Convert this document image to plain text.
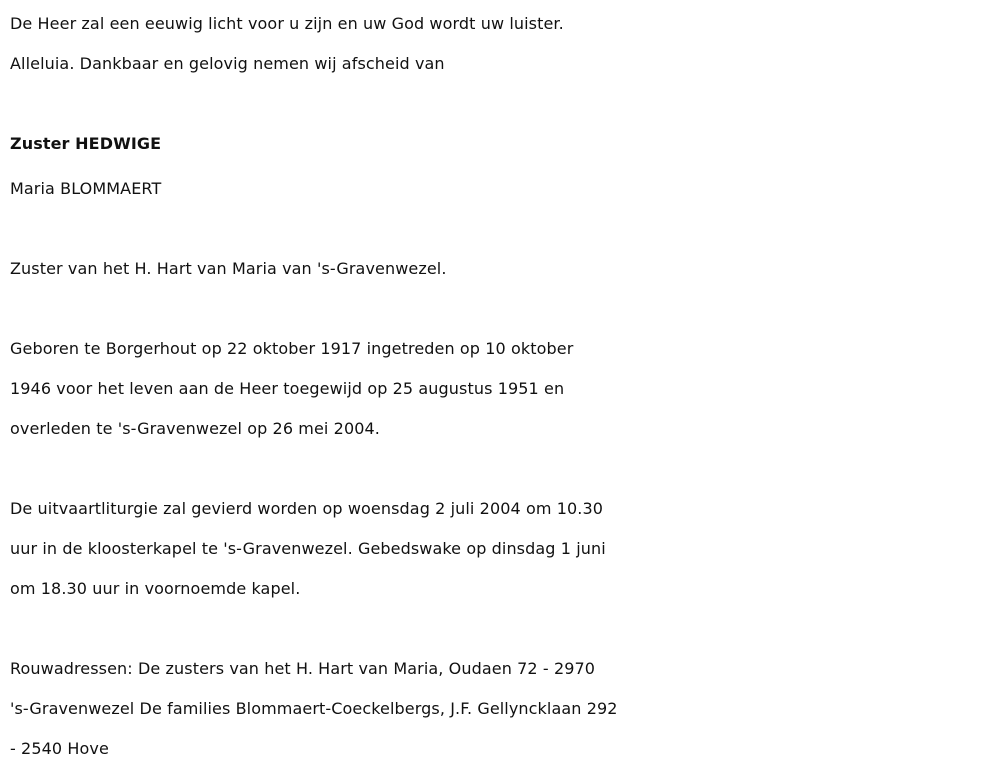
De Heer zal een eeuwig licht voor u zijn en uw God wordt uw luister.
Alleluia. Dankbaar en gelovig nemen wij afscheid van

Zuster HEDWIGE

Maria BLOMMAERT

Zuster van het H. Hart van Maria van 's-Gravenwezel.

Geboren te Borgerhout op 22 oktober 1917 ingetreden op 10 oktober
1946 voor het leven aan de Heer toegewijd op 25 augustus 1951 en
overleden te 's-Gravenwezel op 26 mei 2004.

De uitvaartliturgie zal gevierd worden op woensdag 2 juli 2004 om 10.30
uur in de kloosterkapel te 's-Gravenwezel. Gebedswake op dinsdag 1 juni
om 18.30 uur in voornoemde kapel.

Rouwadressen: De zusters van het H. Hart van Maria, Oudaen 72 - 2970
's-Gravenwezel De families Blommaert-Coeckelbergs, J.F. Gellyncklaan 292
- 2540 Hove
